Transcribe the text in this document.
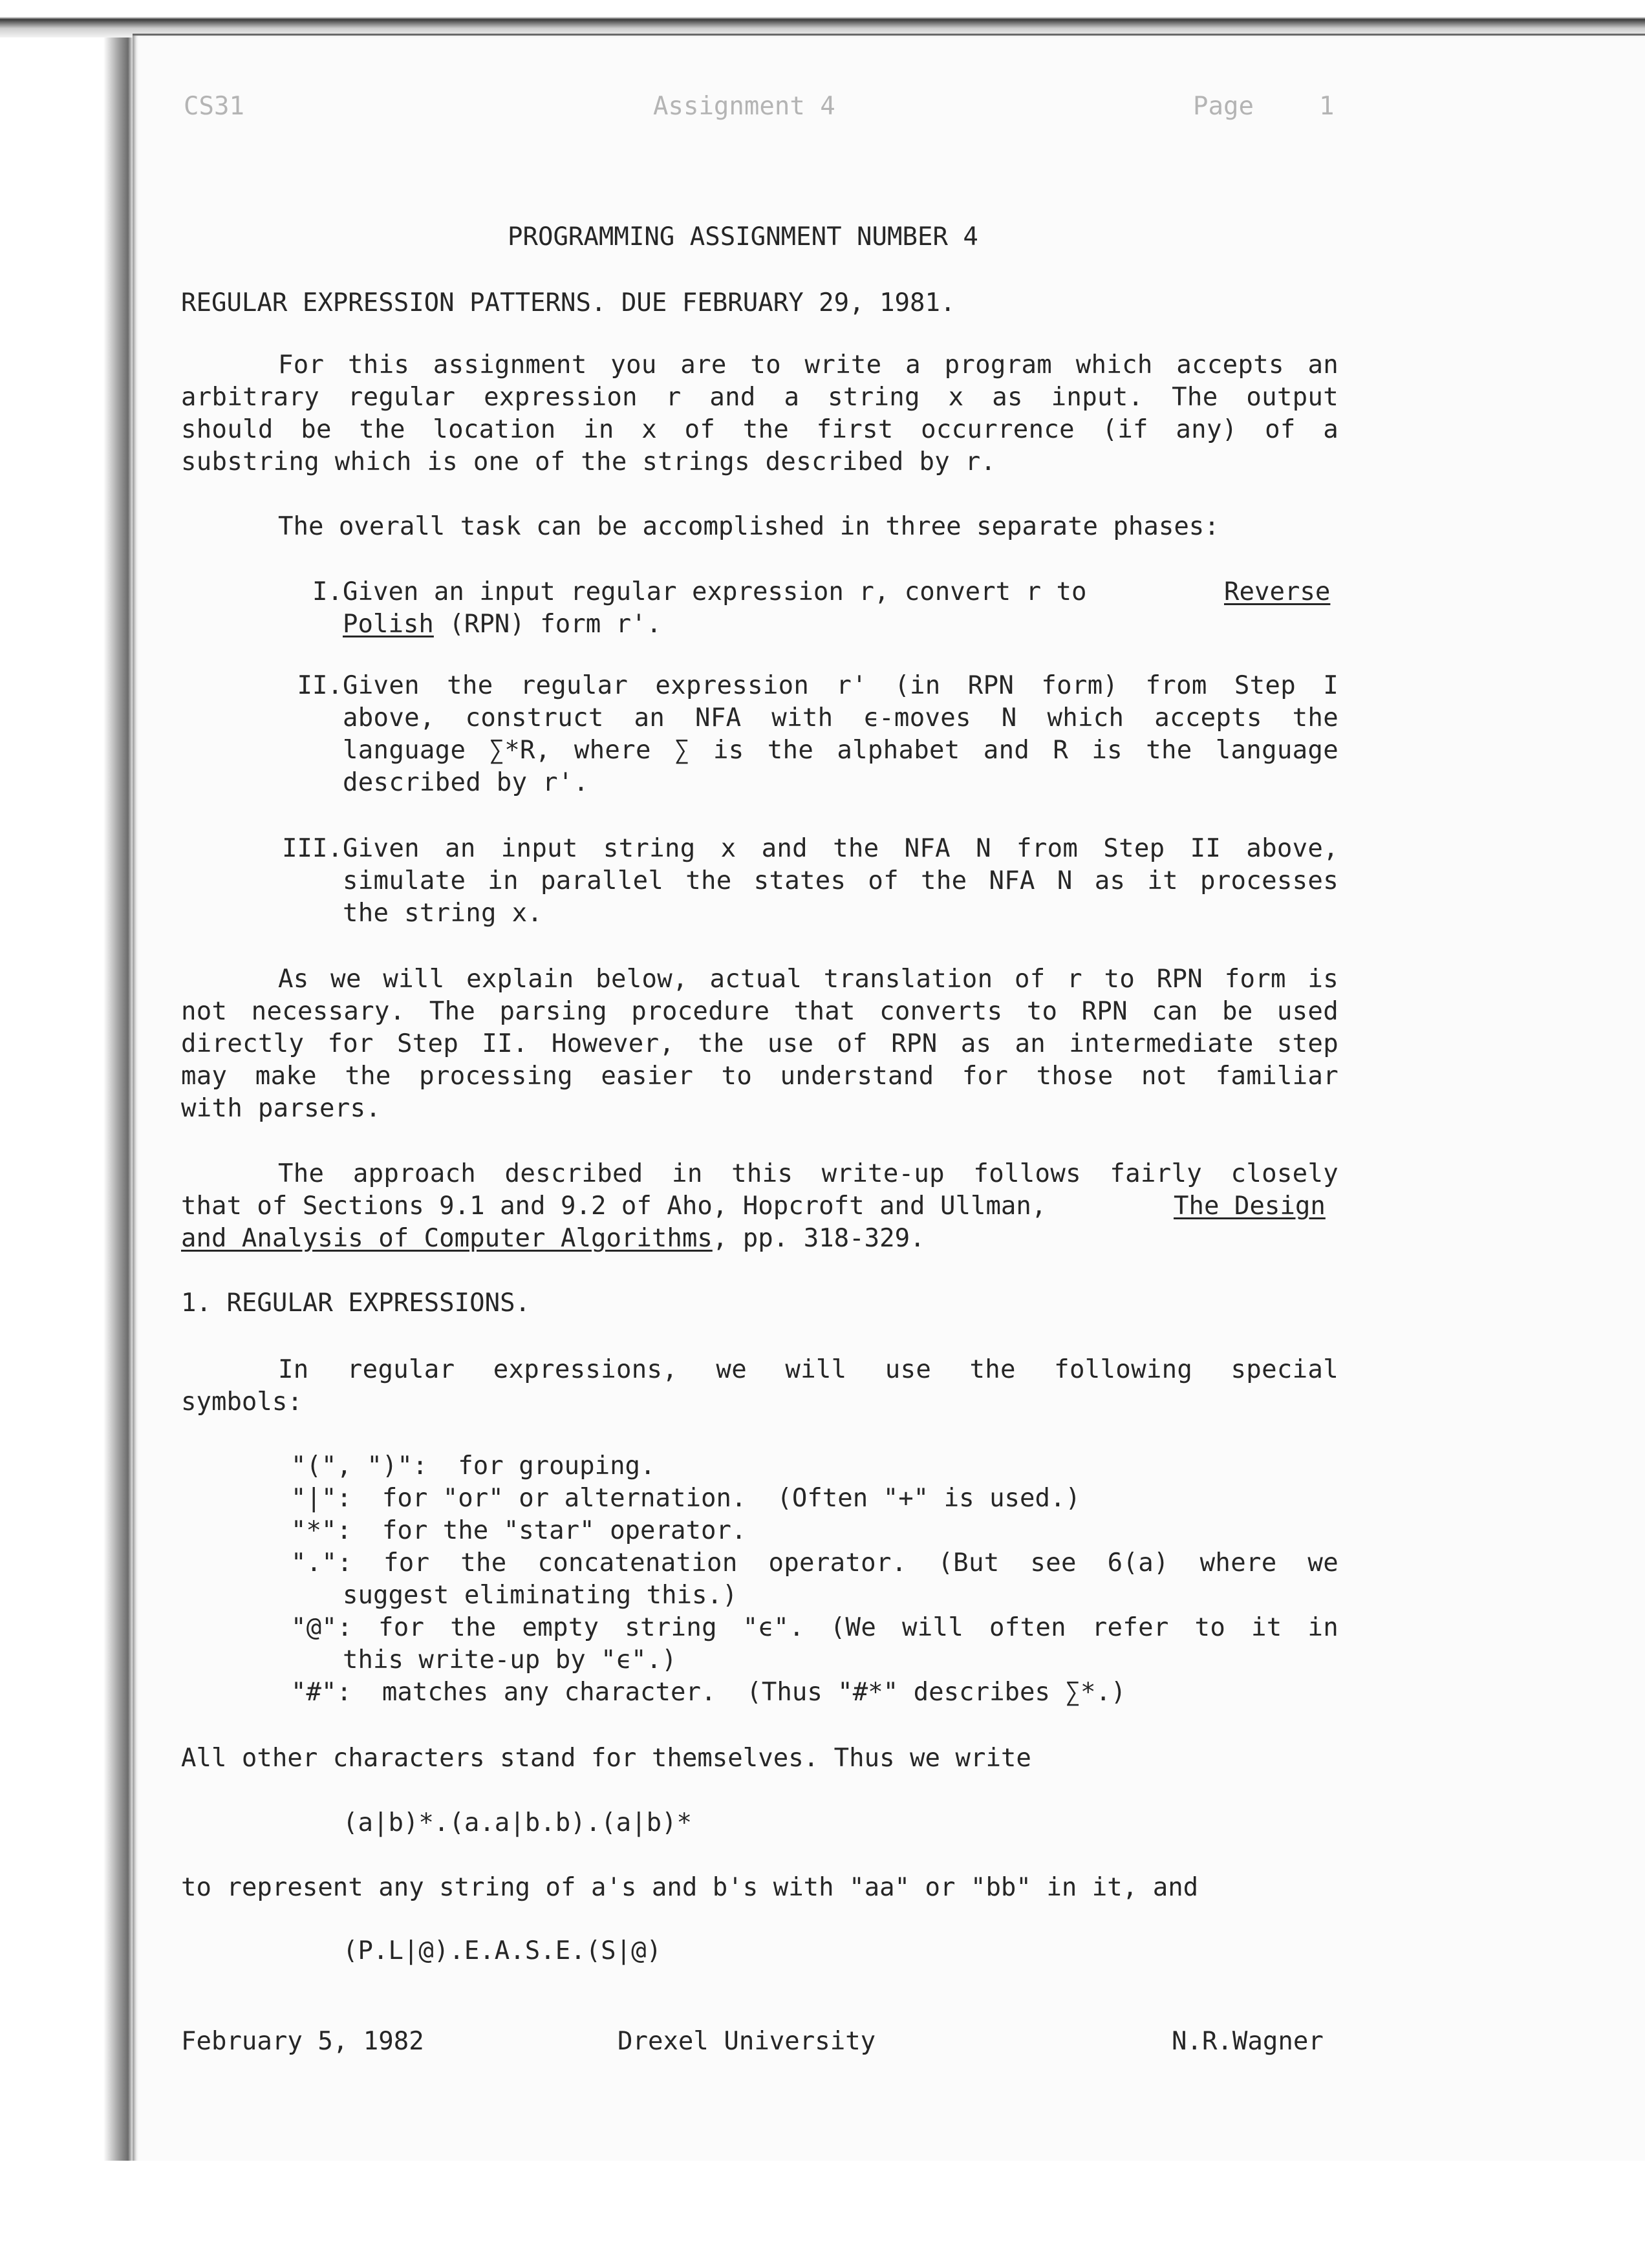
CS31	Assignment 4	Page	1
PROGRAMMING ASSIGNMENT NUMBER 4
REGULAR EXPRESSION PATTERNS. DUE FEBRUARY 29, 1981.
For this assignment you are to write a program which accepts an
arbitrary regular expression r and a string x as input. The output
should be the location in x of the first occurrence (if any) of a
substring which is one of the strings described by r.
The overall task can be accomplished in three separate phases:
I. Given an input regular expression r, convert r to	Reverse
Polish (RPN) form r'.
II. Given the regular expression r' (in RPN form) from Step I
above, construct an NFA with ϵ-moves N which accepts the
language ∑*R, where ∑ is the alphabet and R is the language
described by r'.
III. Given an input string x and the NFA N from Step II above,
simulate in parallel the states of the NFA N as it processes
the string x.
As we will explain below, actual translation of r to RPN form is
not necessary. The parsing procedure that converts to RPN can be used
directly for Step II. However, the use of RPN as an intermediate step
may make the processing easier to understand for those not familiar
with parsers.
The approach described in this write-up follows fairly closely
that of Sections 9.1 and 9.2 of Aho, Hopcroft and Ullman,	The Design
and Analysis of Computer Algorithms, pp. 318-329.
1. REGULAR EXPRESSIONS.
In regular expressions, we will use the following special
symbols:
"(", ")":  for grouping.
"|":  for "or" or alternation.  (Often "+" is used.)
"*":  for the "star" operator.
".": for the concatenation operator. (But see 6(a) where we
suggest eliminating this.)
"@": for the empty string "ϵ". (We will often refer to it in
this write-up by "ϵ".)
"#":  matches any character.  (Thus "#*" describes ∑*.)
All other characters stand for themselves. Thus we write
(a|b)*.(a.a|b.b).(a|b)*
to represent any string of a's and b's with "aa" or "bb" in it, and
(P.L|@).E.A.S.E.(S|@)
February 5, 1982	Drexel University	N.R.Wagner
